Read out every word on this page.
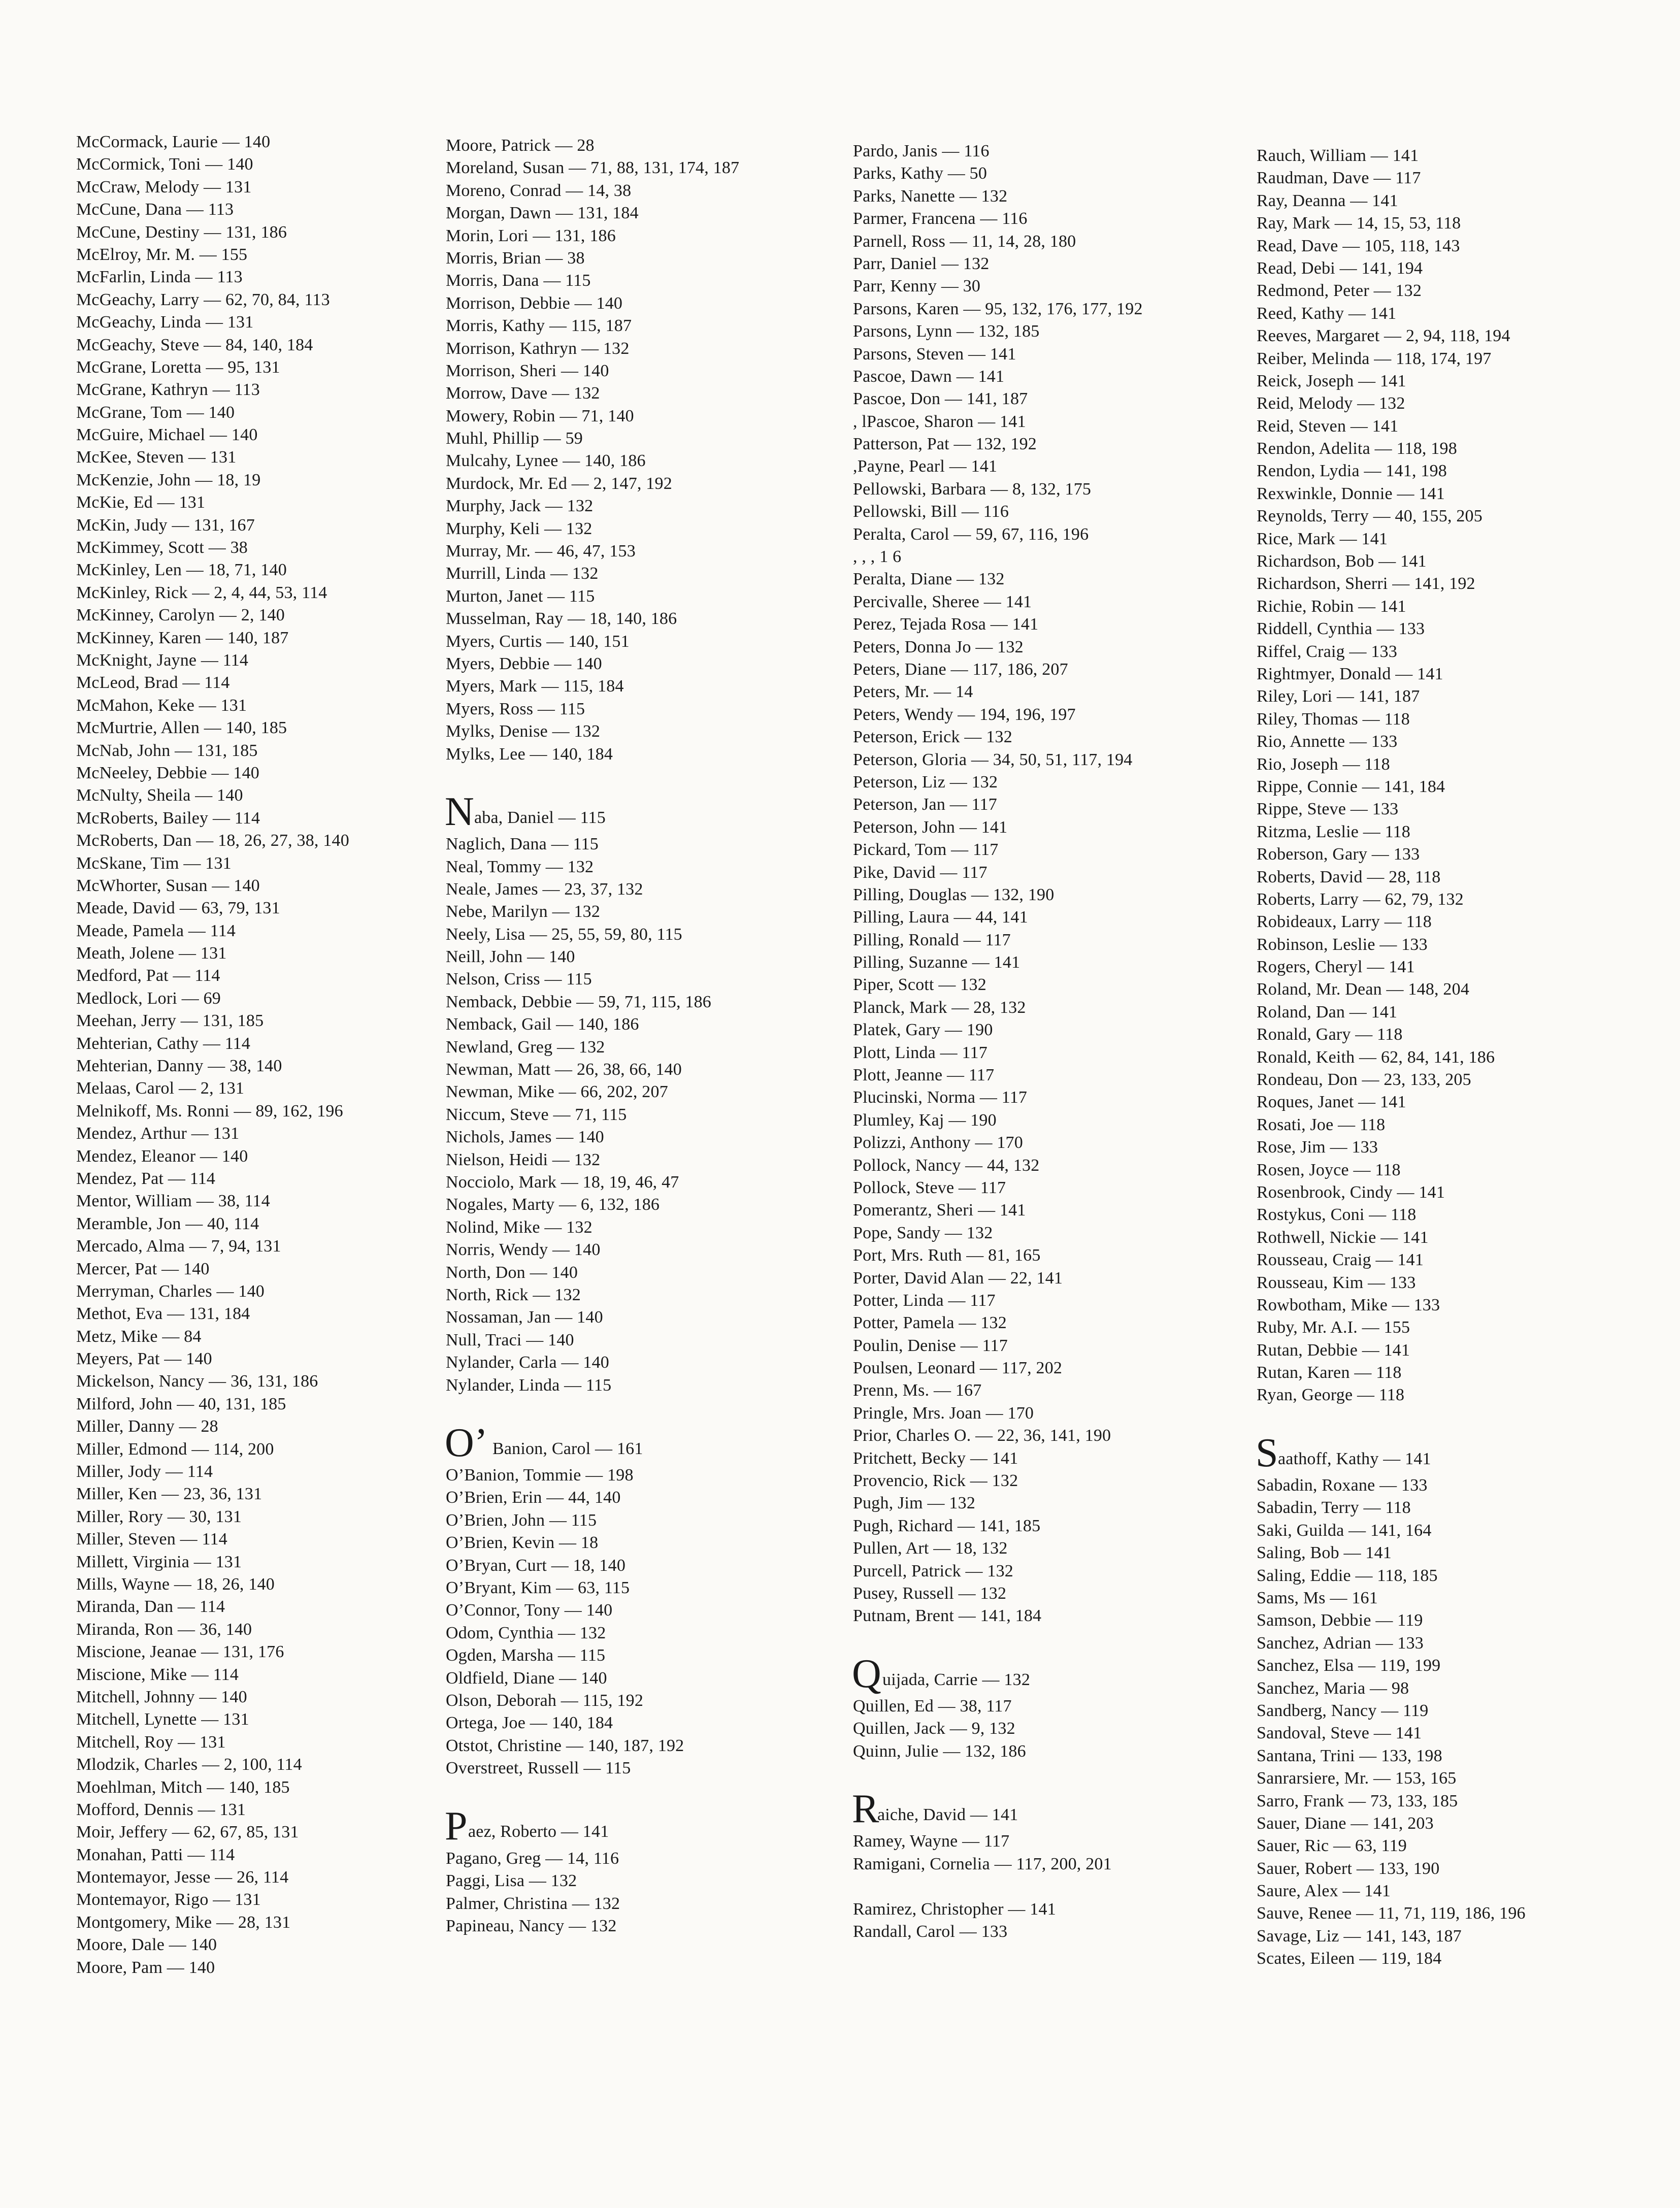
McCormack, Laurie — 140
McCormick, Toni — 140
McCraw, Melody — 131
McCune, Dana — 113
McCune, Destiny — 131, 186
McElroy, Mr. M. — 155
McFarlin, Linda — 113
McGeachy, Larry — 62, 70, 84, 113
McGeachy, Linda — 131
McGeachy, Steve — 84, 140, 184
McGrane, Loretta — 95, 131
McGrane, Kathryn — 113
McGrane, Tom — 140
McGuire, Michael — 140
McKee, Steven — 131
McKenzie, John — 18, 19
McKie, Ed — 131
McKin, Judy — 131, 167
McKimmey, Scott — 38
McKinley, Len — 18, 71, 140
McKinley, Rick — 2, 4, 44, 53, 114
McKinney, Carolyn — 2, 140
McKinney, Karen — 140, 187
McKnight, Jayne — 114
McLeod, Brad — 114
McMahon, Keke — 131
McMurtrie, Allen — 140, 185
McNab, John — 131, 185
McNeeley, Debbie — 140
McNulty, Sheila — 140
McRoberts, Bailey — 114
McRoberts, Dan — 18, 26, 27, 38, 140
McSkane, Tim — 131
McWhorter, Susan — 140
Meade, David — 63, 79, 131
Meade, Pamela — 114
Meath, Jolene — 131
Medford, Pat — 114
Medlock, Lori — 69
Meehan, Jerry — 131, 185
Mehterian, Cathy — 114
Mehterian, Danny — 38, 140
Melaas, Carol — 2, 131
Melnikoff, Ms. Ronni — 89, 162, 196
Mendez, Arthur — 131
Mendez, Eleanor — 140
Mendez, Pat — 114
Mentor, William — 38, 114
Meramble, Jon — 40, 114
Mercado, Alma — 7, 94, 131
Mercer, Pat — 140
Merryman, Charles — 140
Methot, Eva — 131, 184
Metz, Mike — 84
Meyers, Pat — 140
Mickelson, Nancy — 36, 131, 186
Milford, John — 40, 131, 185
Miller, Danny — 28
Miller, Edmond — 114, 200
Miller, Jody — 114
Miller, Ken — 23, 36, 131
Miller, Rory — 30, 131
Miller, Steven — 114
Millett, Virginia — 131
Mills, Wayne — 18, 26, 140
Miranda, Dan — 114
Miranda, Ron — 36, 140
Miscione, Jeanae — 131, 176
Miscione, Mike — 114
Mitchell, Johnny — 140
Mitchell, Lynette — 131
Mitchell, Roy — 131
Mlodzik, Charles — 2, 100, 114
Moehlman, Mitch — 140, 185
Mofford, Dennis — 131
Moir, Jeffery — 62, 67, 85, 131
Monahan, Patti — 114
Montemayor, Jesse — 26, 114
Montemayor, Rigo — 131
Montgomery, Mike — 28, 131
Moore, Dale — 140
Moore, Pam — 140
Moore, Patrick — 28
Moreland, Susan — 71, 88, 131, 174, 187
Moreno, Conrad — 14, 38
Morgan, Dawn — 131, 184
Morin, Lori — 131, 186
Morris, Brian — 38
Morris, Dana — 115
Morrison, Debbie — 140
Morris, Kathy — 115, 187
Morrison, Kathryn — 132
Morrison, Sheri — 140
Morrow, Dave — 132
Mowery, Robin — 71, 140
Muhl, Phillip — 59
Mulcahy, Lynee — 140, 186
Murdock, Mr. Ed — 2, 147, 192
Murphy, Jack — 132
Murphy, Keli — 132
Murray, Mr. — 46, 47, 153
Murrill, Linda — 132
Murton, Janet — 115
Musselman, Ray — 18, 140, 186
Myers, Curtis — 140, 151
Myers, Debbie — 140
Myers, Mark — 115, 184
Myers, Ross — 115
Mylks, Denise — 132
Mylks, Lee — 140, 184
N aba, Daniel — 115
Naglich, Dana — 115
Neal, Tommy — 132
Neale, James — 23, 37, 132
Nebe, Marilyn — 132
Neely, Lisa — 25, 55, 59, 80, 115
Neill, John — 140
Nelson, Criss — 115
Nemback, Debbie — 59, 71, 115, 186
Nemback, Gail — 140, 186
Newland, Greg — 132
Newman, Matt — 26, 38, 66, 140
Newman, Mike — 66, 202, 207
Niccum, Steve — 71, 115
Nichols, James — 140
Nielson, Heidi — 132
Nocciolo, Mark — 18, 19, 46, 47
Nogales, Marty — 6, 132, 186
Nolind, Mike — 132
Norris, Wendy — 140
North, Don — 140
North, Rick — 132
Nossaman, Jan — 140
Null, Traci — 140
Nylander, Carla — 140
Nylander, Linda — 115
O’ Banion, Carol — 161
O’Banion, Tommie — 198
O’Brien, Erin — 44, 140
O’Brien, John — 115
O’Brien, Kevin — 18
O’Bryan, Curt — 18, 140
O’Bryant, Kim — 63, 115
O’Connor, Tony — 140
Odom, Cynthia — 132
Ogden, Marsha — 115
Oldfield, Diane — 140
Olson, Deborah — 115, 192
Ortega, Joe — 140, 184
Otstot, Christine — 140, 187, 192
Overstreet, Russell — 115
P aez, Roberto — 141
Pagano, Greg — 14, 116
Paggi, Lisa — 132
Palmer, Christina — 132
Papineau, Nancy — 132
Pardo, Janis — 116
Parks, Kathy — 50
Parks, Nanette — 132
Parmer, Francena — 116
Parnell, Ross — 11, 14, 28, 180
Parr, Daniel — 132
Parr, Kenny — 30
Parsons, Karen — 95, 132, 176, 177, 192
Parsons, Lynn — 132, 185
Parsons, Steven — 141
Pascoe, Dawn — 141
Pascoe, Don — 141, 187
, lPascoe, Sharon — 141
Patterson, Pat — 132, 192
,Payne, Pearl — 141
Pellowski, Barbara — 8, 132, 175
Pellowski, Bill — 116
Peralta, Carol — 59, 67, 116, 196
, , , 1 6
Peralta, Diane — 132
Percivalle, Sheree — 141
Perez, Tejada Rosa — 141
Peters, Donna Jo — 132
Peters, Diane — 117, 186, 207
Peters, Mr. — 14
Peters, Wendy — 194, 196, 197
Peterson, Erick — 132
Peterson, Gloria — 34, 50, 51, 117, 194
Peterson, Liz — 132
Peterson, Jan — 117
Peterson, John — 141
Pickard, Tom — 117
Pike, David — 117
Pilling, Douglas — 132, 190
Pilling, Laura — 44, 141
Pilling, Ronald — 117
Pilling, Suzanne — 141
Piper, Scott — 132
Planck, Mark — 28, 132
Platek, Gary — 190
Plott, Linda — 117
Plott, Jeanne — 117
Plucinski, Norma — 117
Plumley, Kaj — 190
Polizzi, Anthony — 170
Pollock, Nancy — 44, 132
Pollock, Steve — 117
Pomerantz, Sheri — 141
Pope, Sandy — 132
Port, Mrs. Ruth — 81, 165
Porter, David Alan — 22, 141
Potter, Linda — 117
Potter, Pamela — 132
Poulin, Denise — 117
Poulsen, Leonard — 117, 202
Prenn, Ms. — 167
Pringle, Mrs. Joan — 170
Prior, Charles O. — 22, 36, 141, 190
Pritchett, Becky — 141
Provencio, Rick — 132
Pugh, Jim — 132
Pugh, Richard — 141, 185
Pullen, Art — 18, 132
Purcell, Patrick — 132
Pusey, Russell — 132
Putnam, Brent — 141, 184
Q uijada, Carrie — 132
Quillen, Ed — 38, 117
Quillen, Jack — 9, 132
Quinn, Julie — 132, 186
R
aiche, David — 141
Ramey, Wayne — 117
Ramigani, Cornelia — 117, 200, 201
Ramirez, Christopher — 141
Randall, Carol — 133
Rauch, William — 141
Raudman, Dave — 117
Ray, Deanna — 141
Ray, Mark — 14, 15, 53, 118
Read, Dave — 105, 118, 143
Read, Debi — 141, 194
Redmond, Peter — 132
Reed, Kathy — 141
Reeves, Margaret — 2, 94, 118, 194
Reiber, Melinda — 118, 174, 197
Reick, Joseph — 141
Reid, Melody — 132
Reid, Steven — 141
Rendon, Adelita — 118, 198
Rendon, Lydia — 141, 198
Rexwinkle, Donnie — 141
Reynolds, Terry — 40, 155, 205
Rice, Mark — 141
Richardson, Bob — 141
Richardson, Sherri — 141, 192
Richie, Robin — 141
Riddell, Cynthia — 133
Riffel, Craig — 133
Rightmyer, Donald — 141
Riley, Lori — 141, 187
Riley, Thomas — 118
Rio, Annette — 133
Rio, Joseph — 118
Rippe, Connie — 141, 184
Rippe, Steve — 133
Ritzma, Leslie — 118
Roberson, Gary — 133
Roberts, David — 28, 118
Roberts, Larry — 62, 79, 132
Robideaux, Larry — 118
Robinson, Leslie — 133
Rogers, Cheryl — 141
Roland, Mr. Dean — 148, 204
Roland, Dan — 141
Ronald, Gary — 118
Ronald, Keith — 62, 84, 141, 186
Rondeau, Don — 23, 133, 205
Roques, Janet — 141
Rosati, Joe — 118
Rose, Jim — 133
Rosen, Joyce — 118
Rosenbrook, Cindy — 141
Rostykus, Coni — 118
Rothwell, Nickie — 141
Rousseau, Craig — 141
Rousseau, Kim — 133
Rowbotham, Mike — 133
Ruby, Mr. A.I. — 155
Rutan, Debbie — 141
Rutan, Karen — 118
Ryan, George — 118
S aathoff, Kathy — 141
Sabadin, Roxane — 133
Sabadin, Terry — 118
Saki, Guilda — 141, 164
Saling, Bob — 141
Saling, Eddie — 118, 185
Sams, Ms — 161
Samson, Debbie — 119
Sanchez, Adrian — 133
Sanchez, Elsa — 119, 199
Sanchez, Maria — 98
Sandberg, Nancy — 119
Sandoval, Steve — 141
Santana, Trini — 133, 198
Sanrarsiere, Mr. — 153, 165
Sarro, Frank — 73, 133, 185
Sauer, Diane — 141, 203
Sauer, Ric — 63, 119
Sauer, Robert — 133, 190
Saure, Alex — 141
Sauve, Renee — 11, 71, 119, 186, 196
Savage, Liz — 141, 143, 187
Scates, Eileen — 119, 184
